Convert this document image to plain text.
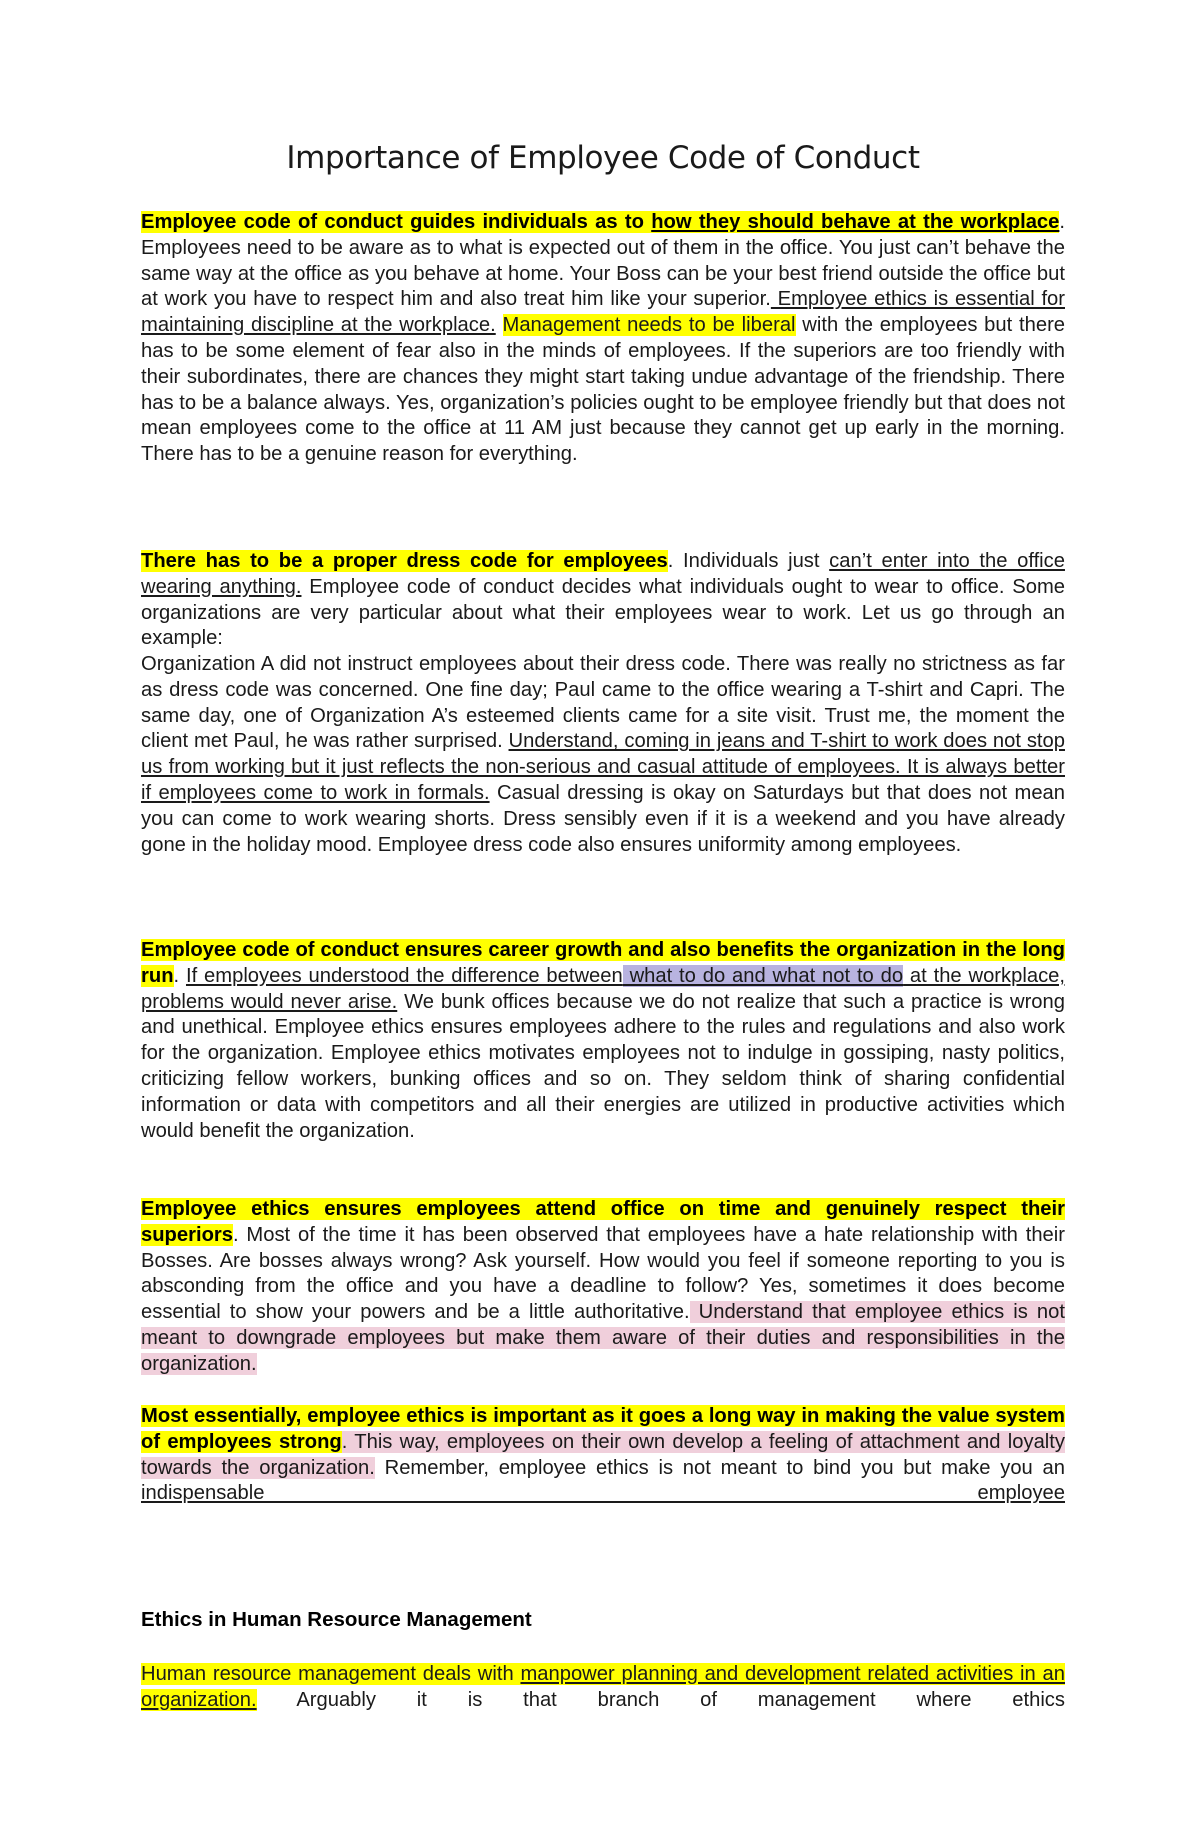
Importance of Employee Code of Conduct

Employee code of conduct guides individuals as to how they should behave at the workplace. Employees need to be aware as to what is expected out of them in the office. You just can’t behave the same way at the office as you behave at home. Your Boss can be your best friend outside the office but at work you have to respect him and also treat him like your superior. Employee ethics is essential for maintaining discipline at the workplace. Management needs to be liberal with the employees but there has to be some element of fear also in the minds of employees. If the superiors are too friendly with their subordinates, there are chances they might start taking undue advantage of the friendship. There has to be a balance always. Yes, organization’s policies ought to be employee friendly but that does not mean employees come to the office at 11 AM just because they cannot get up early in the morning. There has to be a genuine reason for everything.

There has to be a proper dress code for employees. Individuals just can’t enter into the office wearing anything. Employee code of conduct decides what individuals ought to wear to office. Some organizations are very particular about what their employees wear to work. Let us go through an example:

Organization A did not instruct employees about their dress code. There was really no strictness as far as dress code was concerned. One fine day; Paul came to the office wearing a T-shirt and Capri. The same day, one of Organization A’s esteemed clients came for a site visit. Trust me, the moment the client met Paul, he was rather surprised. Understand, coming in jeans and T-shirt to work does not stop us from working but it just reflects the non-serious and casual attitude of employees. It is always better if employees come to work in formals. Casual dressing is okay on Saturdays but that does not mean you can come to work wearing shorts. Dress sensibly even if it is a weekend and you have already gone in the holiday mood. Employee dress code also ensures uniformity among employees.

Employee code of conduct ensures career growth and also benefits the organization in the long run. If employees understood the difference between what to do and what not to do at the workplace, problems would never arise. We bunk offices because we do not realize that such a practice is wrong and unethical. Employee ethics ensures employees adhere to the rules and regulations and also work for the organization. Employee ethics motivates employees not to indulge in gossiping, nasty politics, criticizing fellow workers, bunking offices and so on. They seldom think of sharing confidential information or data with competitors and all their energies are utilized in productive activities which would benefit the organization.

Employee ethics ensures employees attend office on time and genuinely respect their superiors. Most of the time it has been observed that employees have a hate relationship with their Bosses. Are bosses always wrong? Ask yourself. How would you feel if someone reporting to you is absconding from the office and you have a deadline to follow? Yes, sometimes it does become essential to show your powers and be a little authoritative. Understand that employee ethics is not meant to downgrade employees but make them aware of their duties and responsibilities in the organization.

Most essentially, employee ethics is important as it goes a long way in making the value system of employees strong. This way, employees on their own develop a feeling of attachment and loyalty towards the organization. Remember, employee ethics is not meant to bind you but make you an indispensable employee

Ethics in Human Resource Management

Human resource management deals with manpower planning and development related activities in an organization. Arguably it is that branch of management where ethics
